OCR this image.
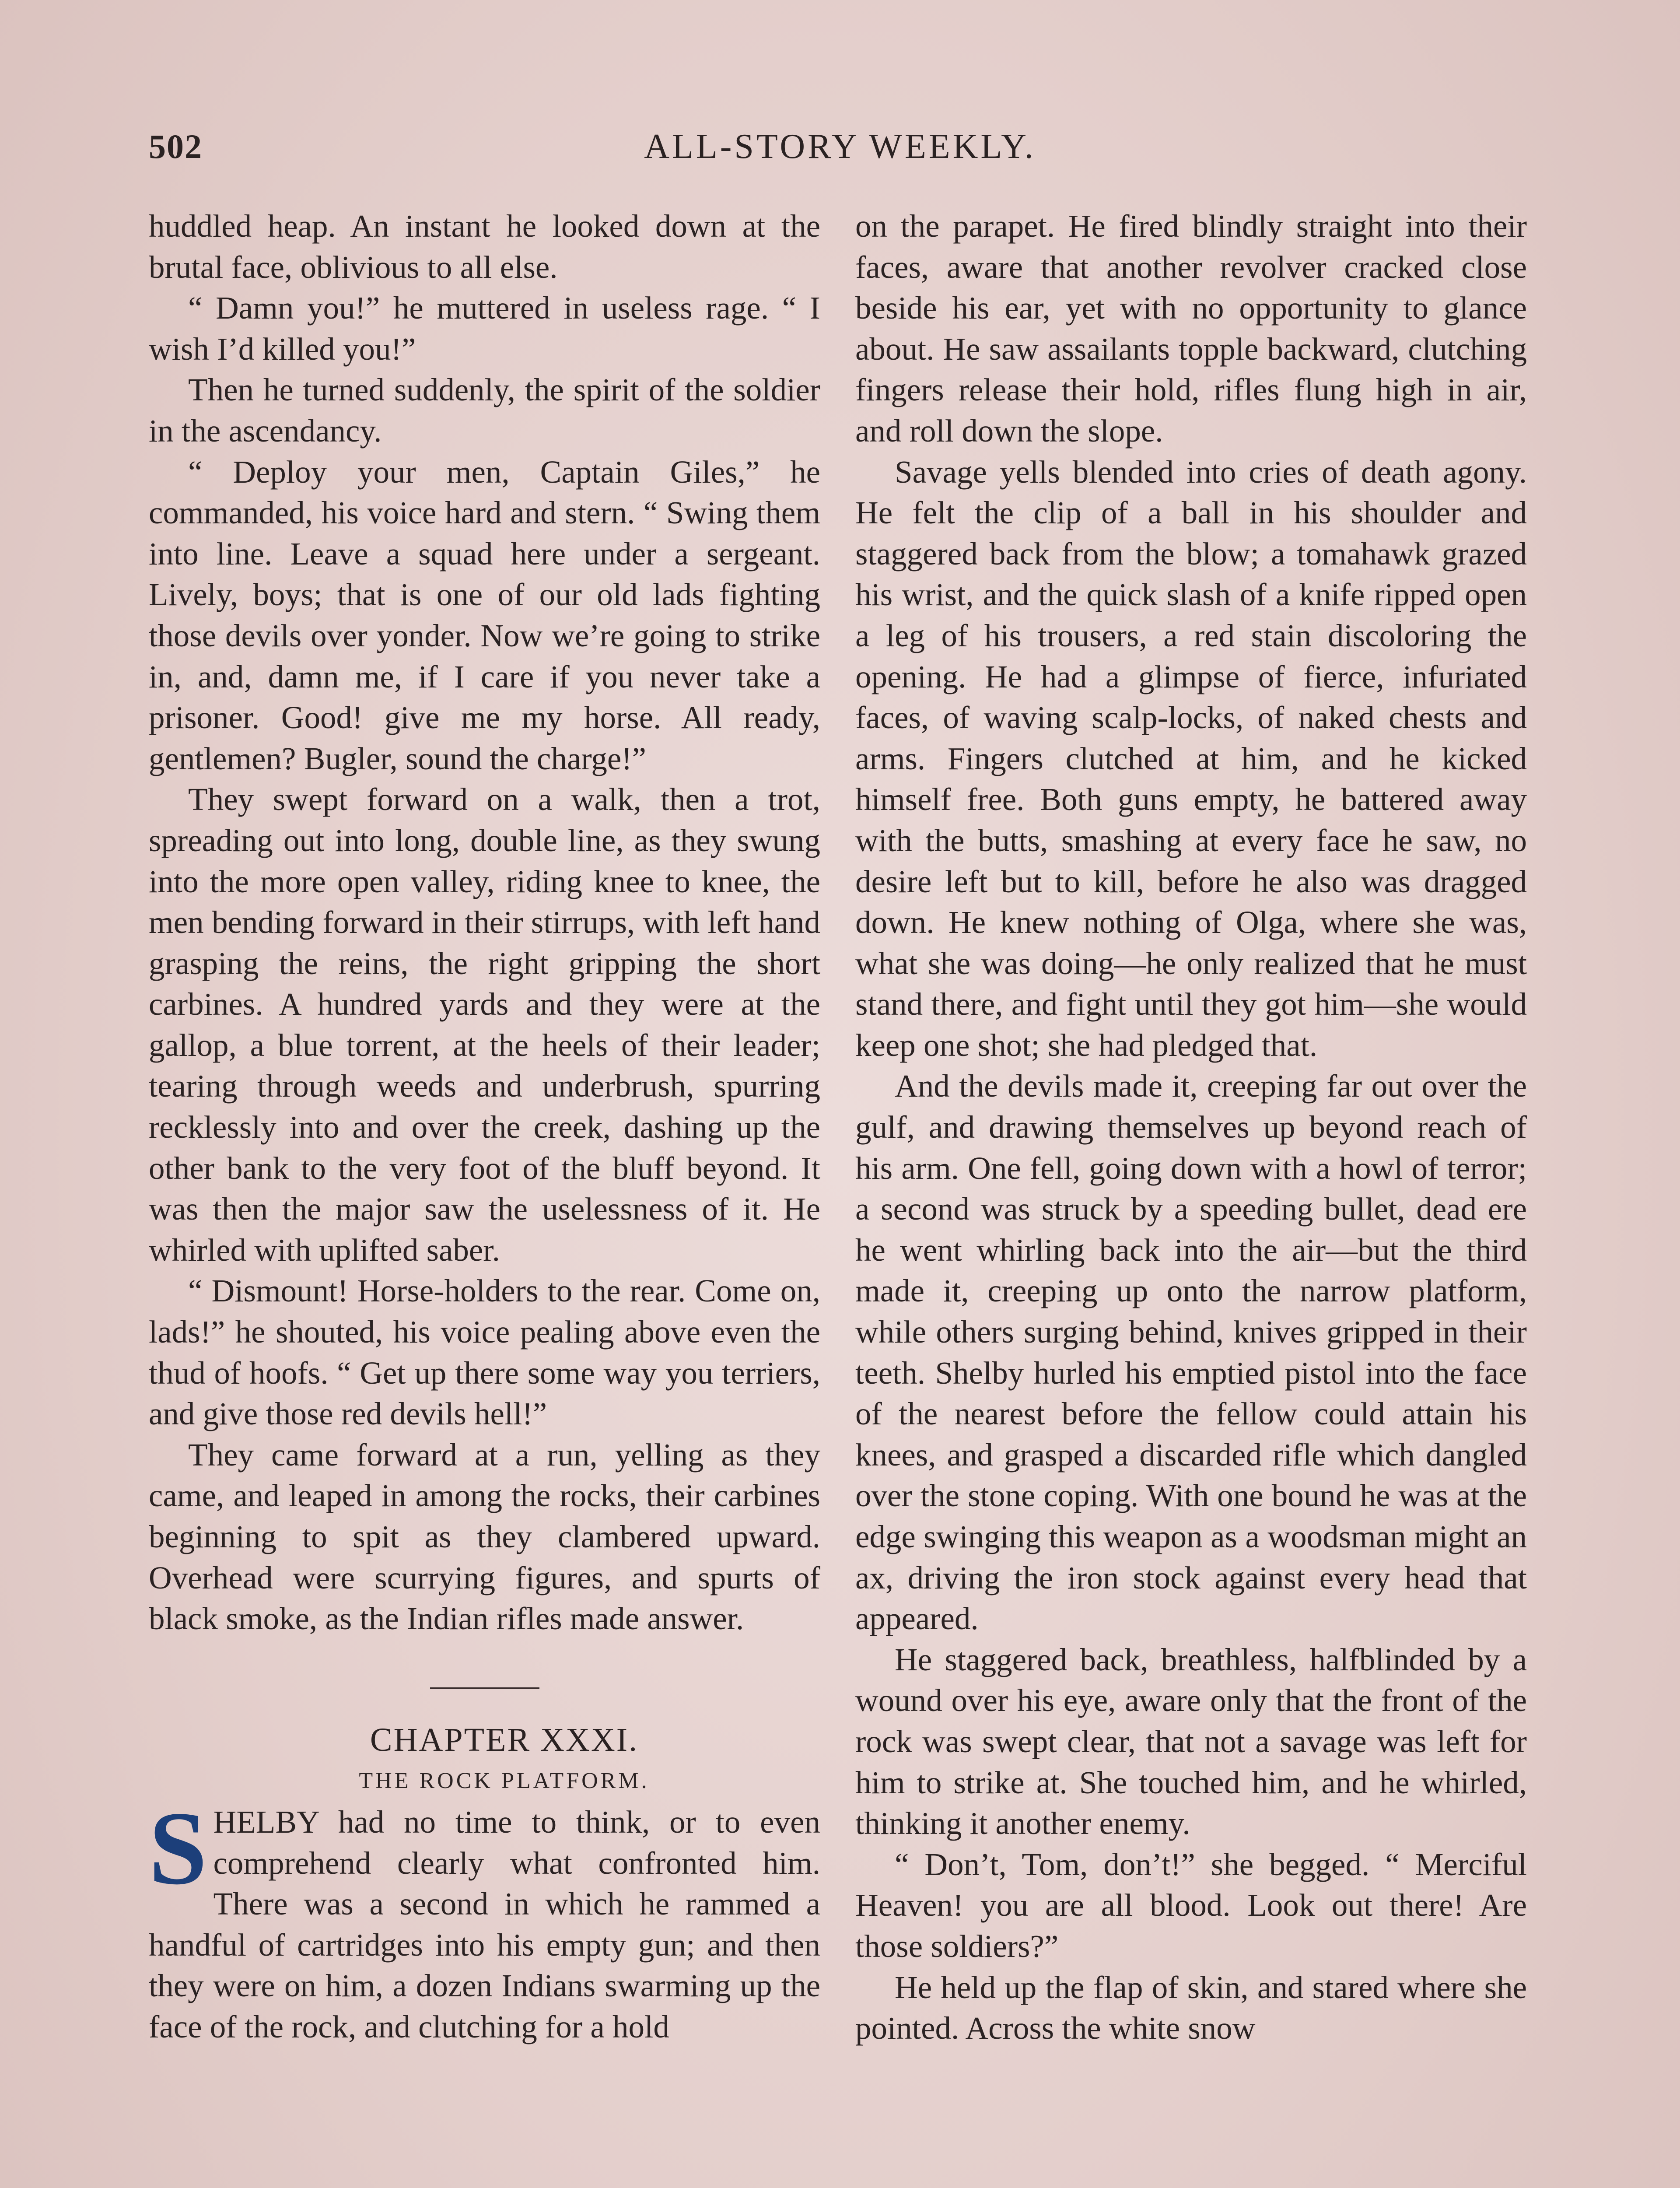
502	ALL-STORY WEEKLY.

huddled heap. An instant he looked down at the brutal face, oblivious to all else.

“ Damn you!” he muttered in useless rage. “ I wish I’d killed you!”

Then he turned suddenly, the spirit of the soldier in the ascendancy.

“ Deploy your men, Captain Giles,” he commanded, his voice hard and stern. “ Swing them into line. Leave a squad here under a sergeant. Lively, boys; that is one of our old lads fighting those devils over yonder. Now we’re going to strike in, and, damn me, if I care if you never take a prisoner. Good! give me my horse. All ready, gentlemen? Bugler, sound the charge!”

They swept forward on a walk, then a trot, spreading out into long, double line, as they swung into the more open valley, riding knee to knee, the men bending forward in their stirrups, with left hand grasping the reins, the right gripping the short carbines. A hundred yards and they were at the gallop, a blue torrent, at the heels of their leader; tearing through weeds and underbrush, spurring recklessly into and over the creek, dashing up the other bank to the very foot of the bluff beyond. It was then the major saw the uselessness of it. He whirled with uplifted saber.

“ Dismount! Horse-holders to the rear. Come on, lads!” he shouted, his voice pealing above even the thud of hoofs. “ Get up there some way you terriers, and give those red devils hell!”

They came forward at a run, yelling as they came, and leaped in among the rocks, their carbines beginning to spit as they clambered upward. Overhead were scurrying figures, and spurts of black smoke, as the Indian rifles made answer.

CHAPTER XXXI.

THE ROCK PLATFORM.

SHELBY had no time to think, or to even comprehend clearly what confronted him. There was a second in which he rammed a handful of cartridges into his empty gun; and then they were on him, a dozen Indians swarming up the face of the rock, and clutching for a hold

on the parapet. He fired blindly straight into their faces, aware that another revolver cracked close beside his ear, yet with no opportunity to glance about. He saw assailants topple backward, clutching fingers release their hold, rifles flung high in air, and roll down the slope.

Savage yells blended into cries of death agony. He felt the clip of a ball in his shoulder and staggered back from the blow; a tomahawk grazed his wrist, and the quick slash of a knife ripped open a leg of his trousers, a red stain discoloring the opening. He had a glimpse of fierce, infuriated faces, of waving scalp-locks, of naked chests and arms. Fingers clutched at him, and he kicked himself free. Both guns empty, he battered away with the butts, smashing at every face he saw, no desire left but to kill, before he also was dragged down. He knew nothing of Olga, where she was, what she was doing—he only realized that he must stand there, and fight until they got him—she would keep one shot; she had pledged that.

And the devils made it, creeping far out over the gulf, and drawing themselves up beyond reach of his arm. One fell, going down with a howl of terror; a second was struck by a speeding bullet, dead ere he went whirling back into the air—but the third made it, creeping up onto the narrow platform, while others surging behind, knives gripped in their teeth. Shelby hurled his emptied pistol into the face of the nearest before the fellow could attain his knees, and grasped a discarded rifle which dangled over the stone coping. With one bound he was at the edge swinging this weapon as a woodsman might an ax, driving the iron stock against every head that appeared.

He staggered back, breathless, halfblinded by a wound over his eye, aware only that the front of the rock was swept clear, that not a savage was left for him to strike at. She touched him, and he whirled, thinking it another enemy.

“ Don’t, Tom, don’t!” she begged. “ Merciful Heaven! you are all blood. Look out there! Are those soldiers?”

He held up the flap of skin, and stared where she pointed. Across the white snow
